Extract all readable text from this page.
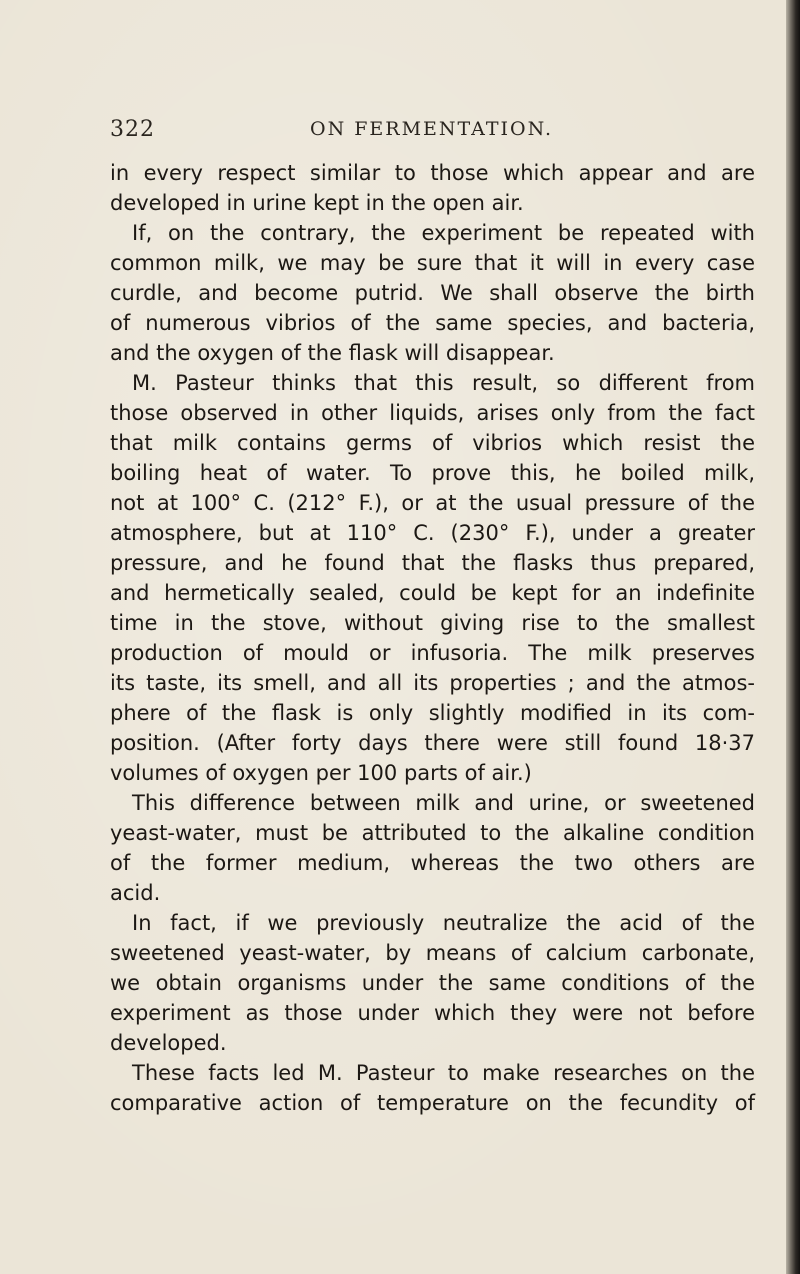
322	ON FERMENTATION.
in every respect similar to those which appear and are
developed in urine kept in the open air.
If, on the contrary, the experiment be repeated with
common milk, we may be sure that it will in every case
curdle, and become putrid. We shall observe the birth
of numerous vibrios of the same species, and bacteria,
and the oxygen of the flask will disappear.
M. Pasteur thinks that this result, so different from
those observed in other liquids, arises only from the fact
that milk contains germs of vibrios which resist the
boiling heat of water. To prove this, he boiled milk,
not at 100° C. (212° F.), or at the usual pressure of the
atmosphere, but at 110° C. (230° F.), under a greater
pressure, and he found that the flasks thus prepared,
and hermetically sealed, could be kept for an indefinite
time in the stove, without giving rise to the smallest
production of mould or infusoria. The milk preserves
its taste, its smell, and all its properties ; and the atmos-
phere of the flask is only slightly modified in its com-
position. (After forty days there were still found 18·37
volumes of oxygen per 100 parts of air.)
This difference between milk and urine, or sweetened
yeast-water, must be attributed to the alkaline condition
of the former medium, whereas the two others are
acid.
In fact, if we previously neutralize the acid of the
sweetened yeast-water, by means of calcium carbonate,
we obtain organisms under the same conditions of the
experiment as those under which they were not before
developed.
These facts led M. Pasteur to make researches on the
comparative action of temperature on the fecundity of
